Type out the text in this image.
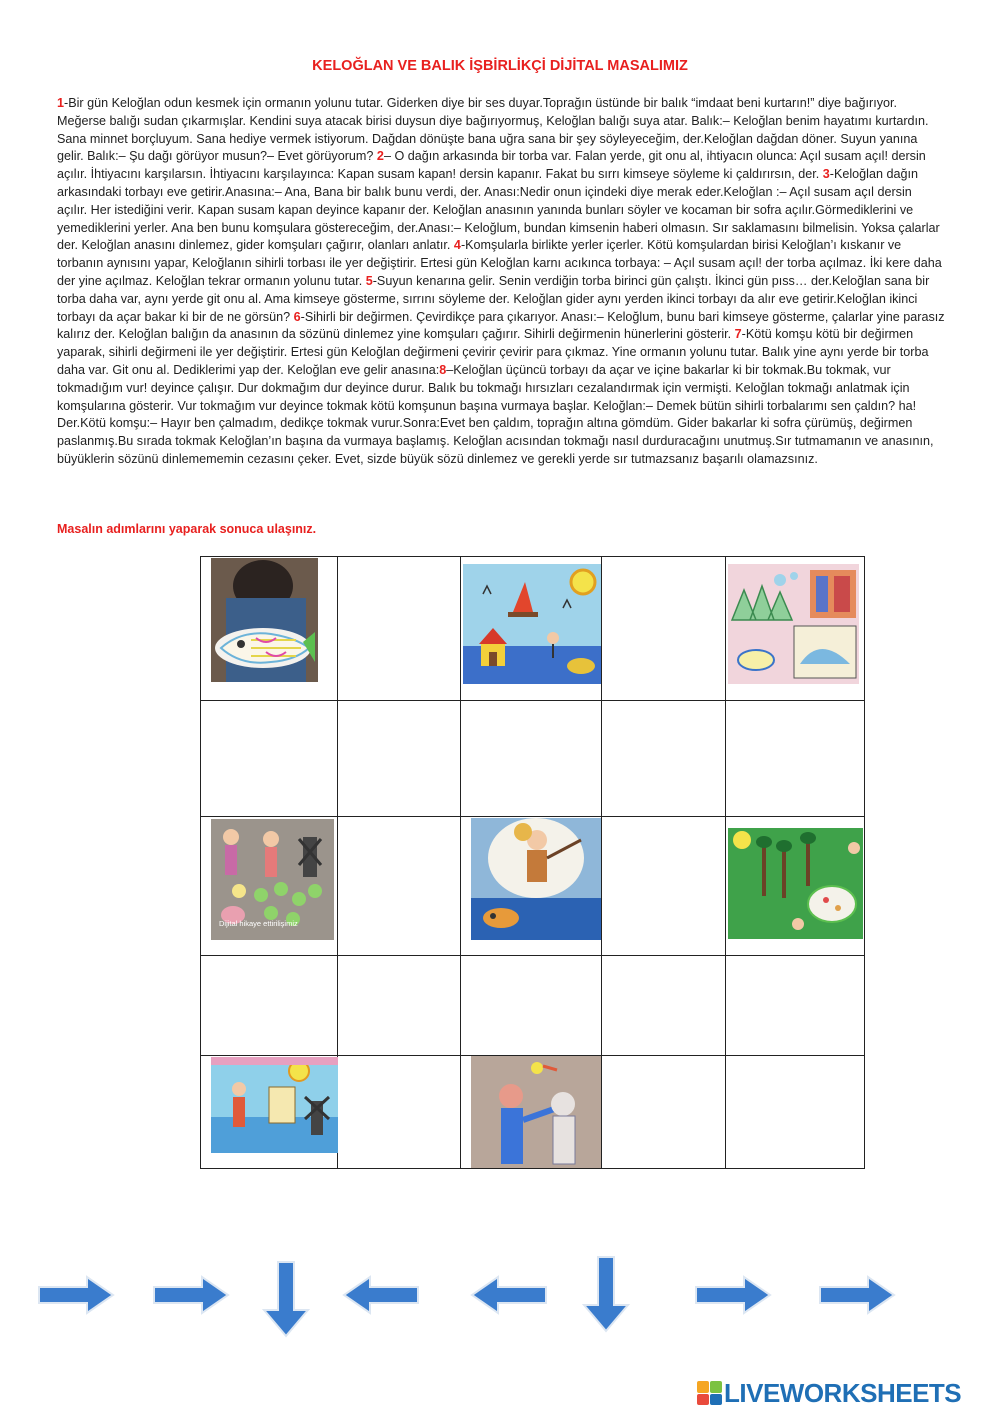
KELOĞLAN VE BALIK İŞBİRLİKÇİ DİJİTAL MASALIMIZ

1-Bir gün Keloğlan odun kesmek için ormanın yolunu tutar. Giderken diye bir ses duyar.Toprağın üstünde bir balık “imdaat beni kurtarın!” diye bağırıyor. Meğerse balığı sudan çıkarmışlar. Kendini suya atacak birisi duysun diye bağırıyormuş, Keloğlan balığı suya atar. Balık:– Keloğlan benim hayatımı kurtardın. Sana minnet borçluyum. Sana hediye vermek istiyorum. Dağdan dönüşte bana uğra sana bir şey söyleyeceğim, der.Keloğlan dağdan döner. Suyun yanına gelir. Balık:– Şu dağı görüyor musun?– Evet görüyorum? 2– O dağın arkasında bir torba var. Falan yerde, git onu al, ihtiyacın olunca: Açıl susam açıl! dersin açılır. İhtiyacını karşılarsın. İhtiyacını karşılayınca: Kapan susam kapan! dersin kapanır. Fakat bu sırrı kimseye söyleme ki çaldırırsın, der. 3-Keloğlan dağın arkasındaki torbayı eve getirir.Anasına:– Ana, Bana bir balık bunu verdi, der. Anası:Nedir onun içindeki diye merak eder.Keloğlan :– Açıl susam açıl dersin açılır. Her istediğini verir. Kapan susam kapan deyince kapanır der. Keloğlan anasının yanında bunları söyler ve kocaman bir sofra açılır.Görmediklerini ve yemediklerini yerler. Ana ben bunu komşulara göstereceğim, der.Anası:– Keloğlum, bundan kimsenin haberi olmasın. Sır saklamasını bilmelisin. Yoksa çalarlar der. Keloğlan anasını dinlemez, gider komşuları çağırır, olanları anlatır. 4-Komşularla birlikte yerler içerler. Kötü komşulardan birisi Keloğlan’ı kıskanır ve torbanın aynısını yapar, Keloğlanın sihirli torbası ile yer değiştirir. Ertesi gün Keloğlan karnı acıkınca torbaya: – Açıl susam açıl! der torba açılmaz. İki kere daha der yine açılmaz. Keloğlan tekrar ormanın yolunu tutar. 5-Suyun kenarına gelir. Senin verdiğin torba birinci gün çalıştı. İkinci gün pıss… der.Keloğlan sana bir torba daha var, aynı yerde git onu al. Ama kimseye gösterme, sırrını söyleme der. Keloğlan gider aynı yerden ikinci torbayı da alır eve getirir.Keloğlan ikinci torbayı da açar bakar ki bir de ne görsün? 6-Sihirli bir değirmen. Çevirdikçe para çıkarıyor. Anası:– Keloğlum, bunu bari kimseye gösterme, çalarlar yine parasız kalırız der. Keloğlan balığın da anasının da sözünü dinlemez yine komşuları çağırır. Sihirli değirmenin hünerlerini gösterir. 7-Kötü komşu kötü bir değirmen yaparak, sihirli değirmeni ile yer değiştirir. Ertesi gün Keloğlan değirmeni çevirir çevirir para çıkmaz. Yine ormanın yolunu tutar. Balık yine aynı yerde bir torba daha var. Git onu al. Dediklerimi yap der. Keloğlan eve gelir anasına:8–Keloğlan üçüncü torbayı da açar ve içine bakarlar ki bir tokmak.Bu tokmak, vur tokmadığım vur! deyince çalışır. Dur dokmağım dur deyince durur. Balık bu tokmağı hırsızları cezalandırmak için vermişti. Keloğlan tokmağı anlatmak için komşularına gösterir. Vur tokmağım vur deyince tokmak kötü komşunun başına vurmaya başlar. Keloğlan:– Demek bütün sihirli torbalarımı sen çaldın? ha! Der.Kötü komşu:– Hayır ben çalmadım, dedikçe tokmak vurur.Sonra:Evet ben çaldım, toprağın altına gömdüm. Gider bakarlar ki sofra çürümüş, değirmen paslanmış.Bu sırada tokmak Keloğlan’ın başına da vurmaya başlamış. Keloğlan acısından tokmağı nasıl durduracağını unutmuş.Sır tutmamanın ve anasının, büyüklerin sözünü dinlemememin cezasını çeker. Evet, sizde büyük sözü dinlemez ve gerekli yerde sır tutmazsanız başarılı olamazsınız.

Masalın adımlarını yaparak sonuca ulaşınız.

Dijital hikaye ettirilişimiz

LIVEWORKSHEETS
